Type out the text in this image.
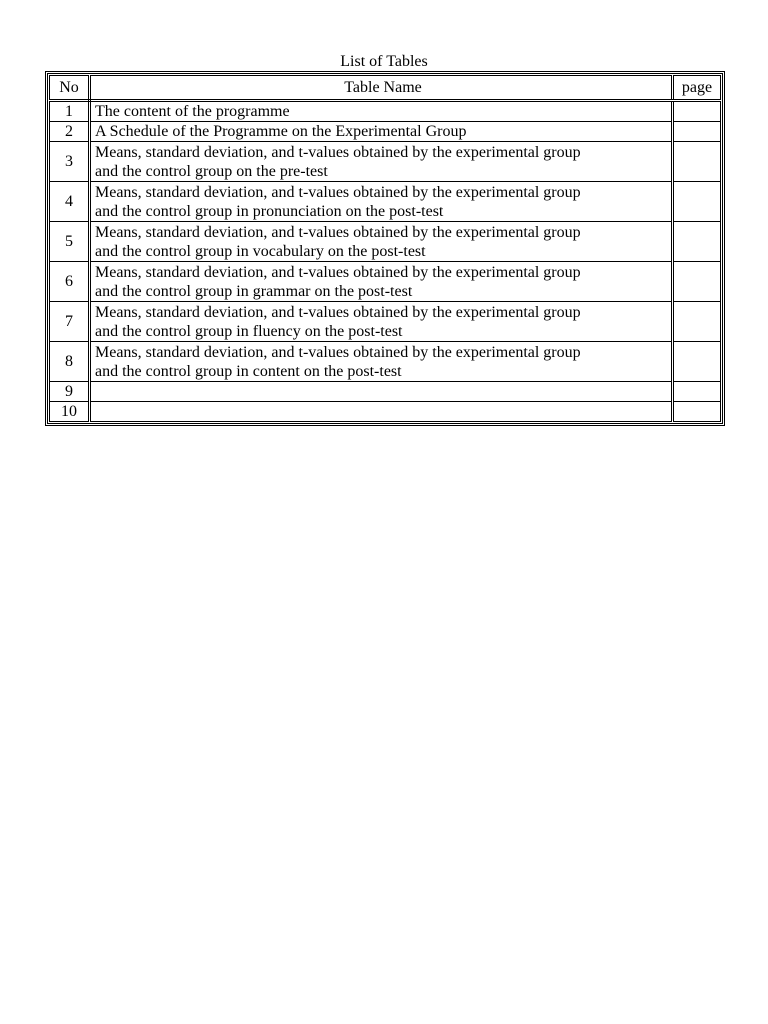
List of Tables
No	Table Name	page
1	The content of the programme	

2	A Schedule of the Programme on the Experimental Group	

3	Means, standard deviation, and t-values obtained by the experimental group
and the control group on the pre-test	

4	Means, standard deviation, and t-values obtained by the experimental group
and the control group in pronunciation on the post-test	

5	Means, standard deviation, and t-values obtained by the experimental group
and the control group in vocabulary on the post-test	

6	Means, standard deviation, and t-values obtained by the experimental group
and the control group in grammar on the post-test	

7	Means, standard deviation, and t-values obtained by the experimental group
and the control group in fluency on the post-test	

8	Means, standard deviation, and t-values obtained by the experimental group
and the control group in content on the post-test	

9	

10	
